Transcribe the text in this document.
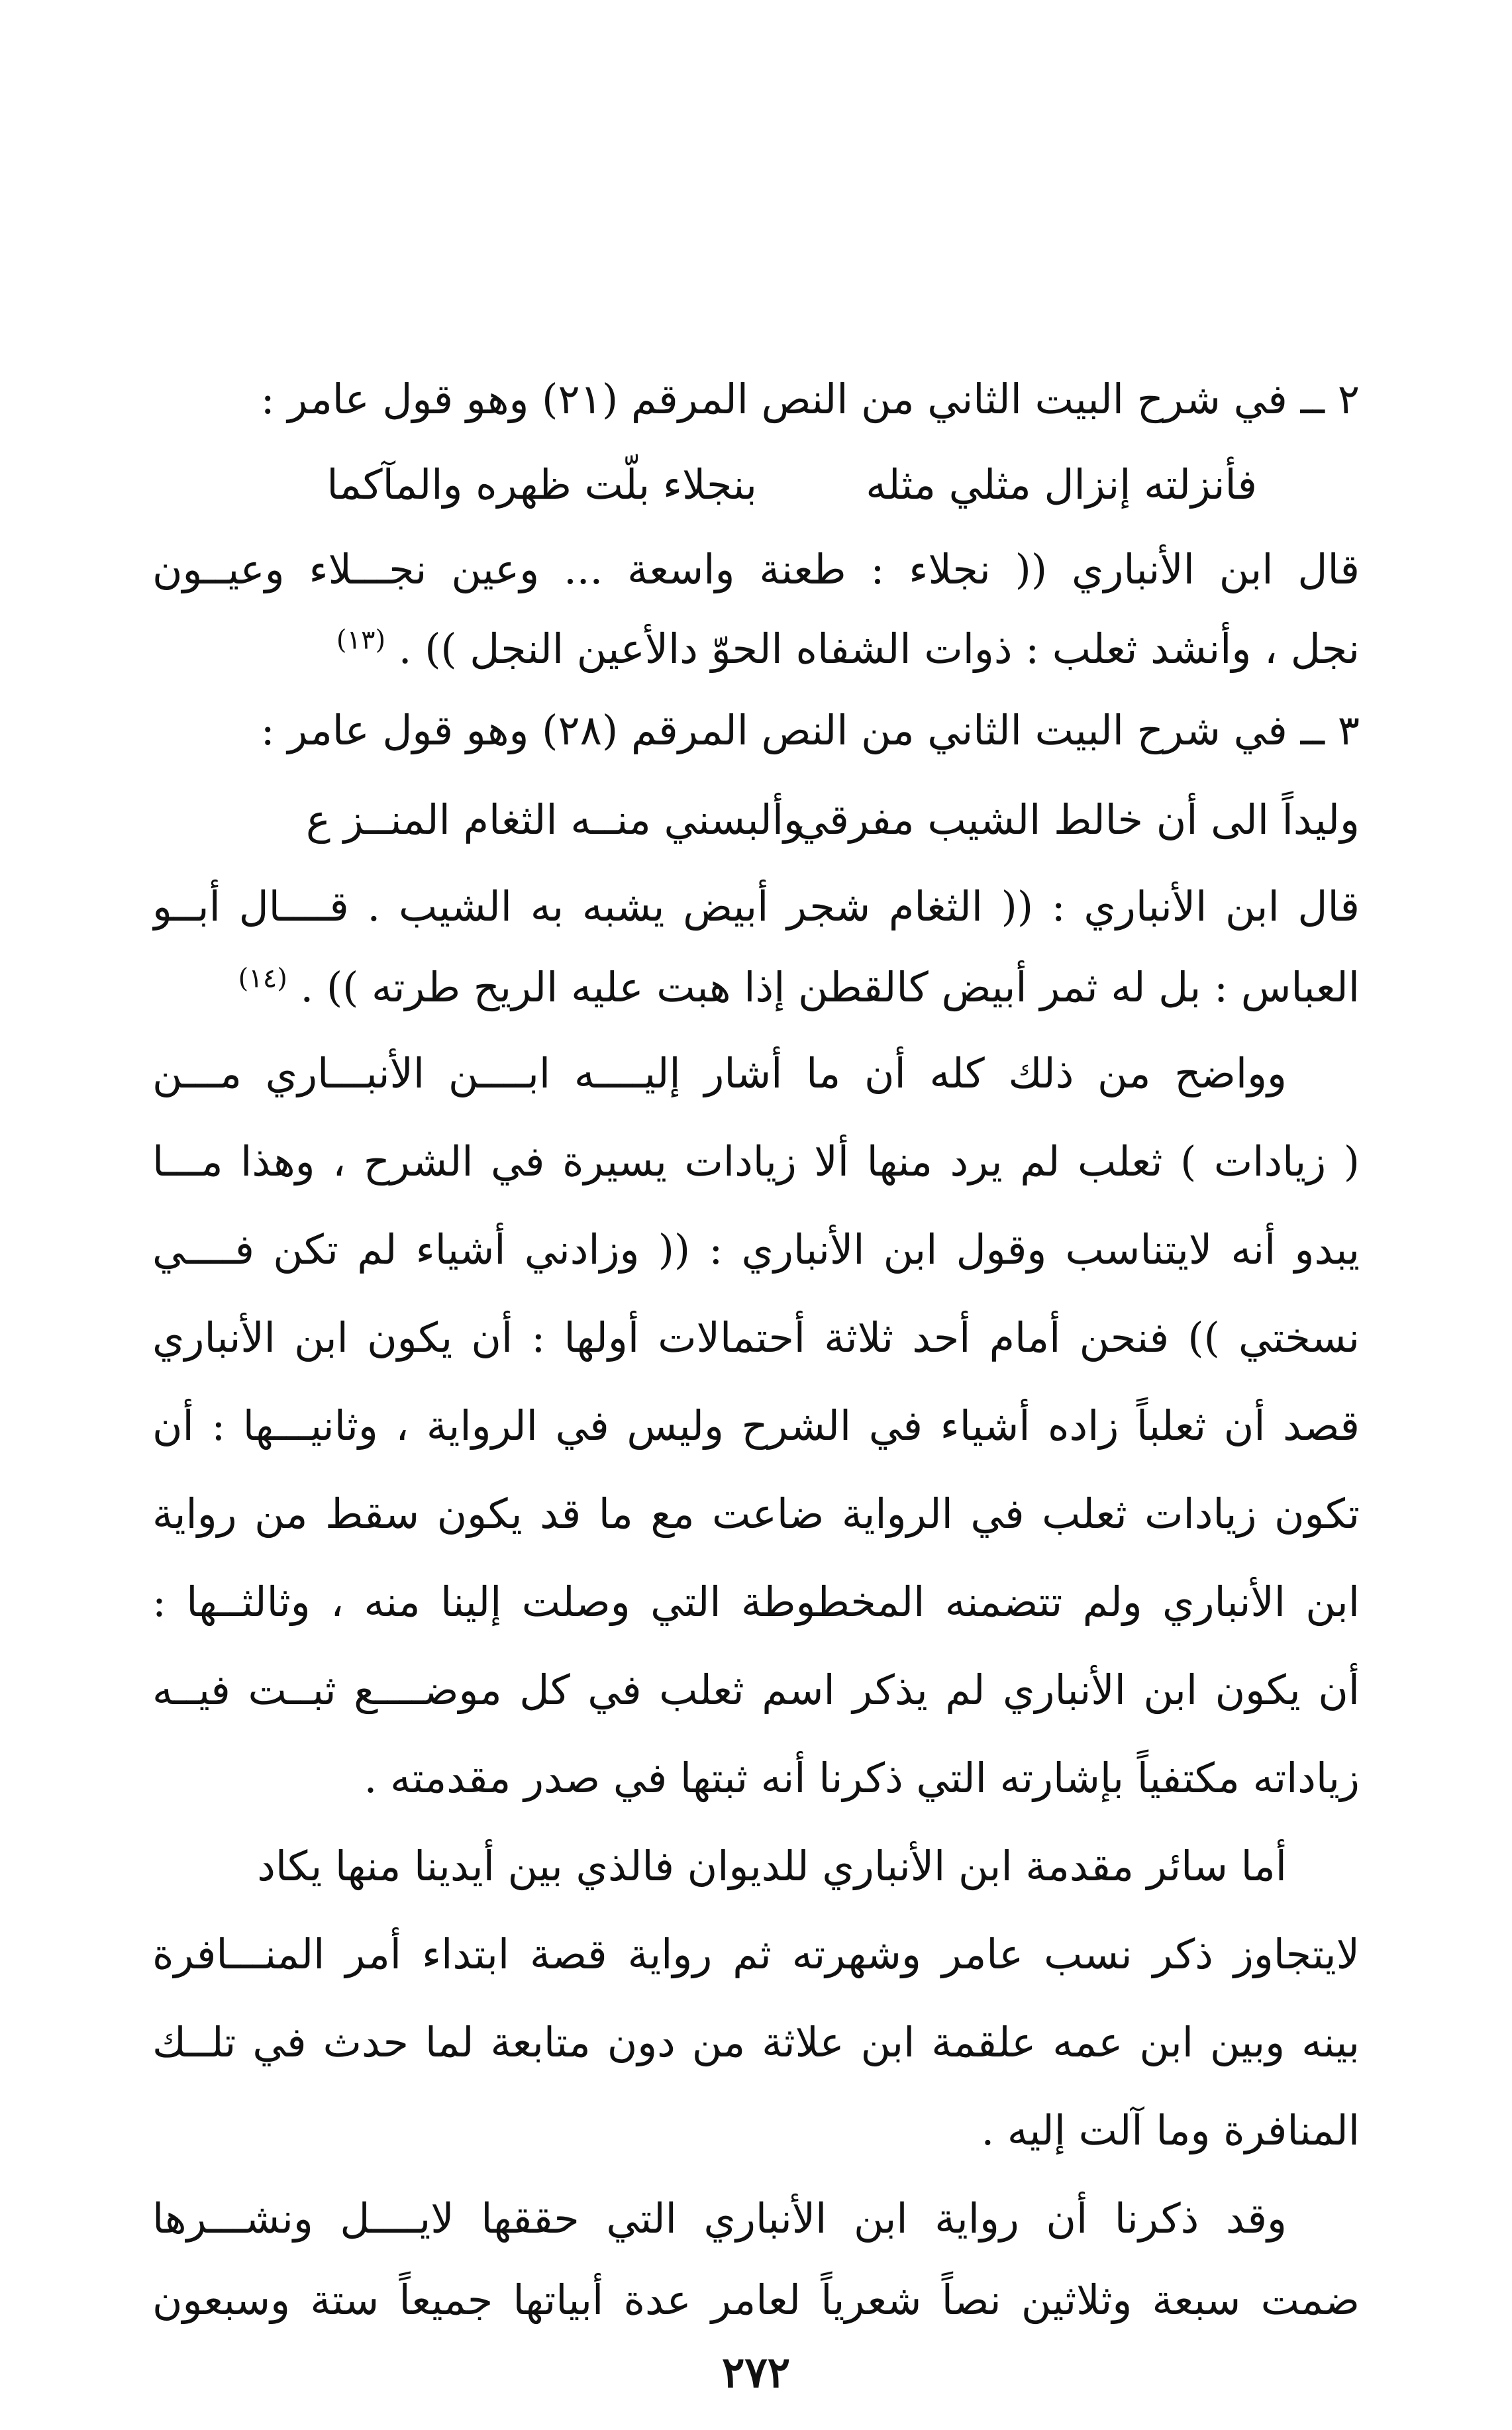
٢ ــ في شرح البيت الثاني من النص المرقم (٢١) وهو قول عامر :
فأنزلته إنزال مثلي مثله
بنجلاء بلّت ظهره والمآكما
قال ابن الأنباري (( نجلاء : طعنة واسعة ... وعين نجـــلاء وعيــون
نجل ، وأنشد ثعلب : ذوات الشفاه الحوّ دالأعين النجل )) . $^{(١٣)}$
٣ ــ في شرح البيت الثاني من النص المرقم (٢٨) وهو قول عامر :
وليداً الى أن خالط الشيب مفرقي
وألبسني منــه الثغام المنــز ع
قال ابن الأنباري : (( الثغام شجر أبيض يشبه به الشيب . قــــال أبــو
العباس : بل له ثمر أبيض كالقطن إذا هبت عليه الريح طرته )) . $^{(١٤)}$
وواضح من ذلك كله أن ما أشار إليــــه ابــــن الأنبـــاري مـــن
( زيادات ) ثعلب لم يرد منها ألا زيادات يسيرة في الشرح ، وهذا مـــا
يبدو أنه لايتناسب وقول ابن الأنباري : (( وزادني أشياء لم تكن فــــي
نسختي )) فنحن أمام أحد ثلاثة أحتمالات أولها : أن يكون ابن الأنباري
قصد أن ثعلباً زاده أشياء في الشرح وليس في الرواية ، وثانيـــها : أن
تكون زيادات ثعلب في الرواية ضاعت مع ما قد يكون سقط من رواية
ابن الأنباري ولم تتضمنه المخطوطة التي وصلت إلينا منه ، وثالثــها :
أن يكون ابن الأنباري لم يذكر اسم ثعلب في كل موضــــع ثبــت فيــه
زياداته مكتفياً بإشارته التي ذكرنا أنه ثبتها في صدر مقدمته .
أما سائر مقدمة ابن الأنباري للديوان فالذي بين أيدينا منها يكاد
لايتجاوز ذكر نسب عامر وشهرته ثم رواية قصة ابتداء أمر المنـــافرة
بينه وبين ابن عمه علقمة ابن علاثة من دون متابعة لما حدث في تلــك
المنافرة وما آلت إليه .
وقد ذكرنا أن رواية ابن الأنباري التي حققها لايــــل ونشـــرها
ضمت سبعة وثلاثين نصاً شعرياً لعامر عدة أبياتها جميعاً ستة وسبعون
٢٧٢
